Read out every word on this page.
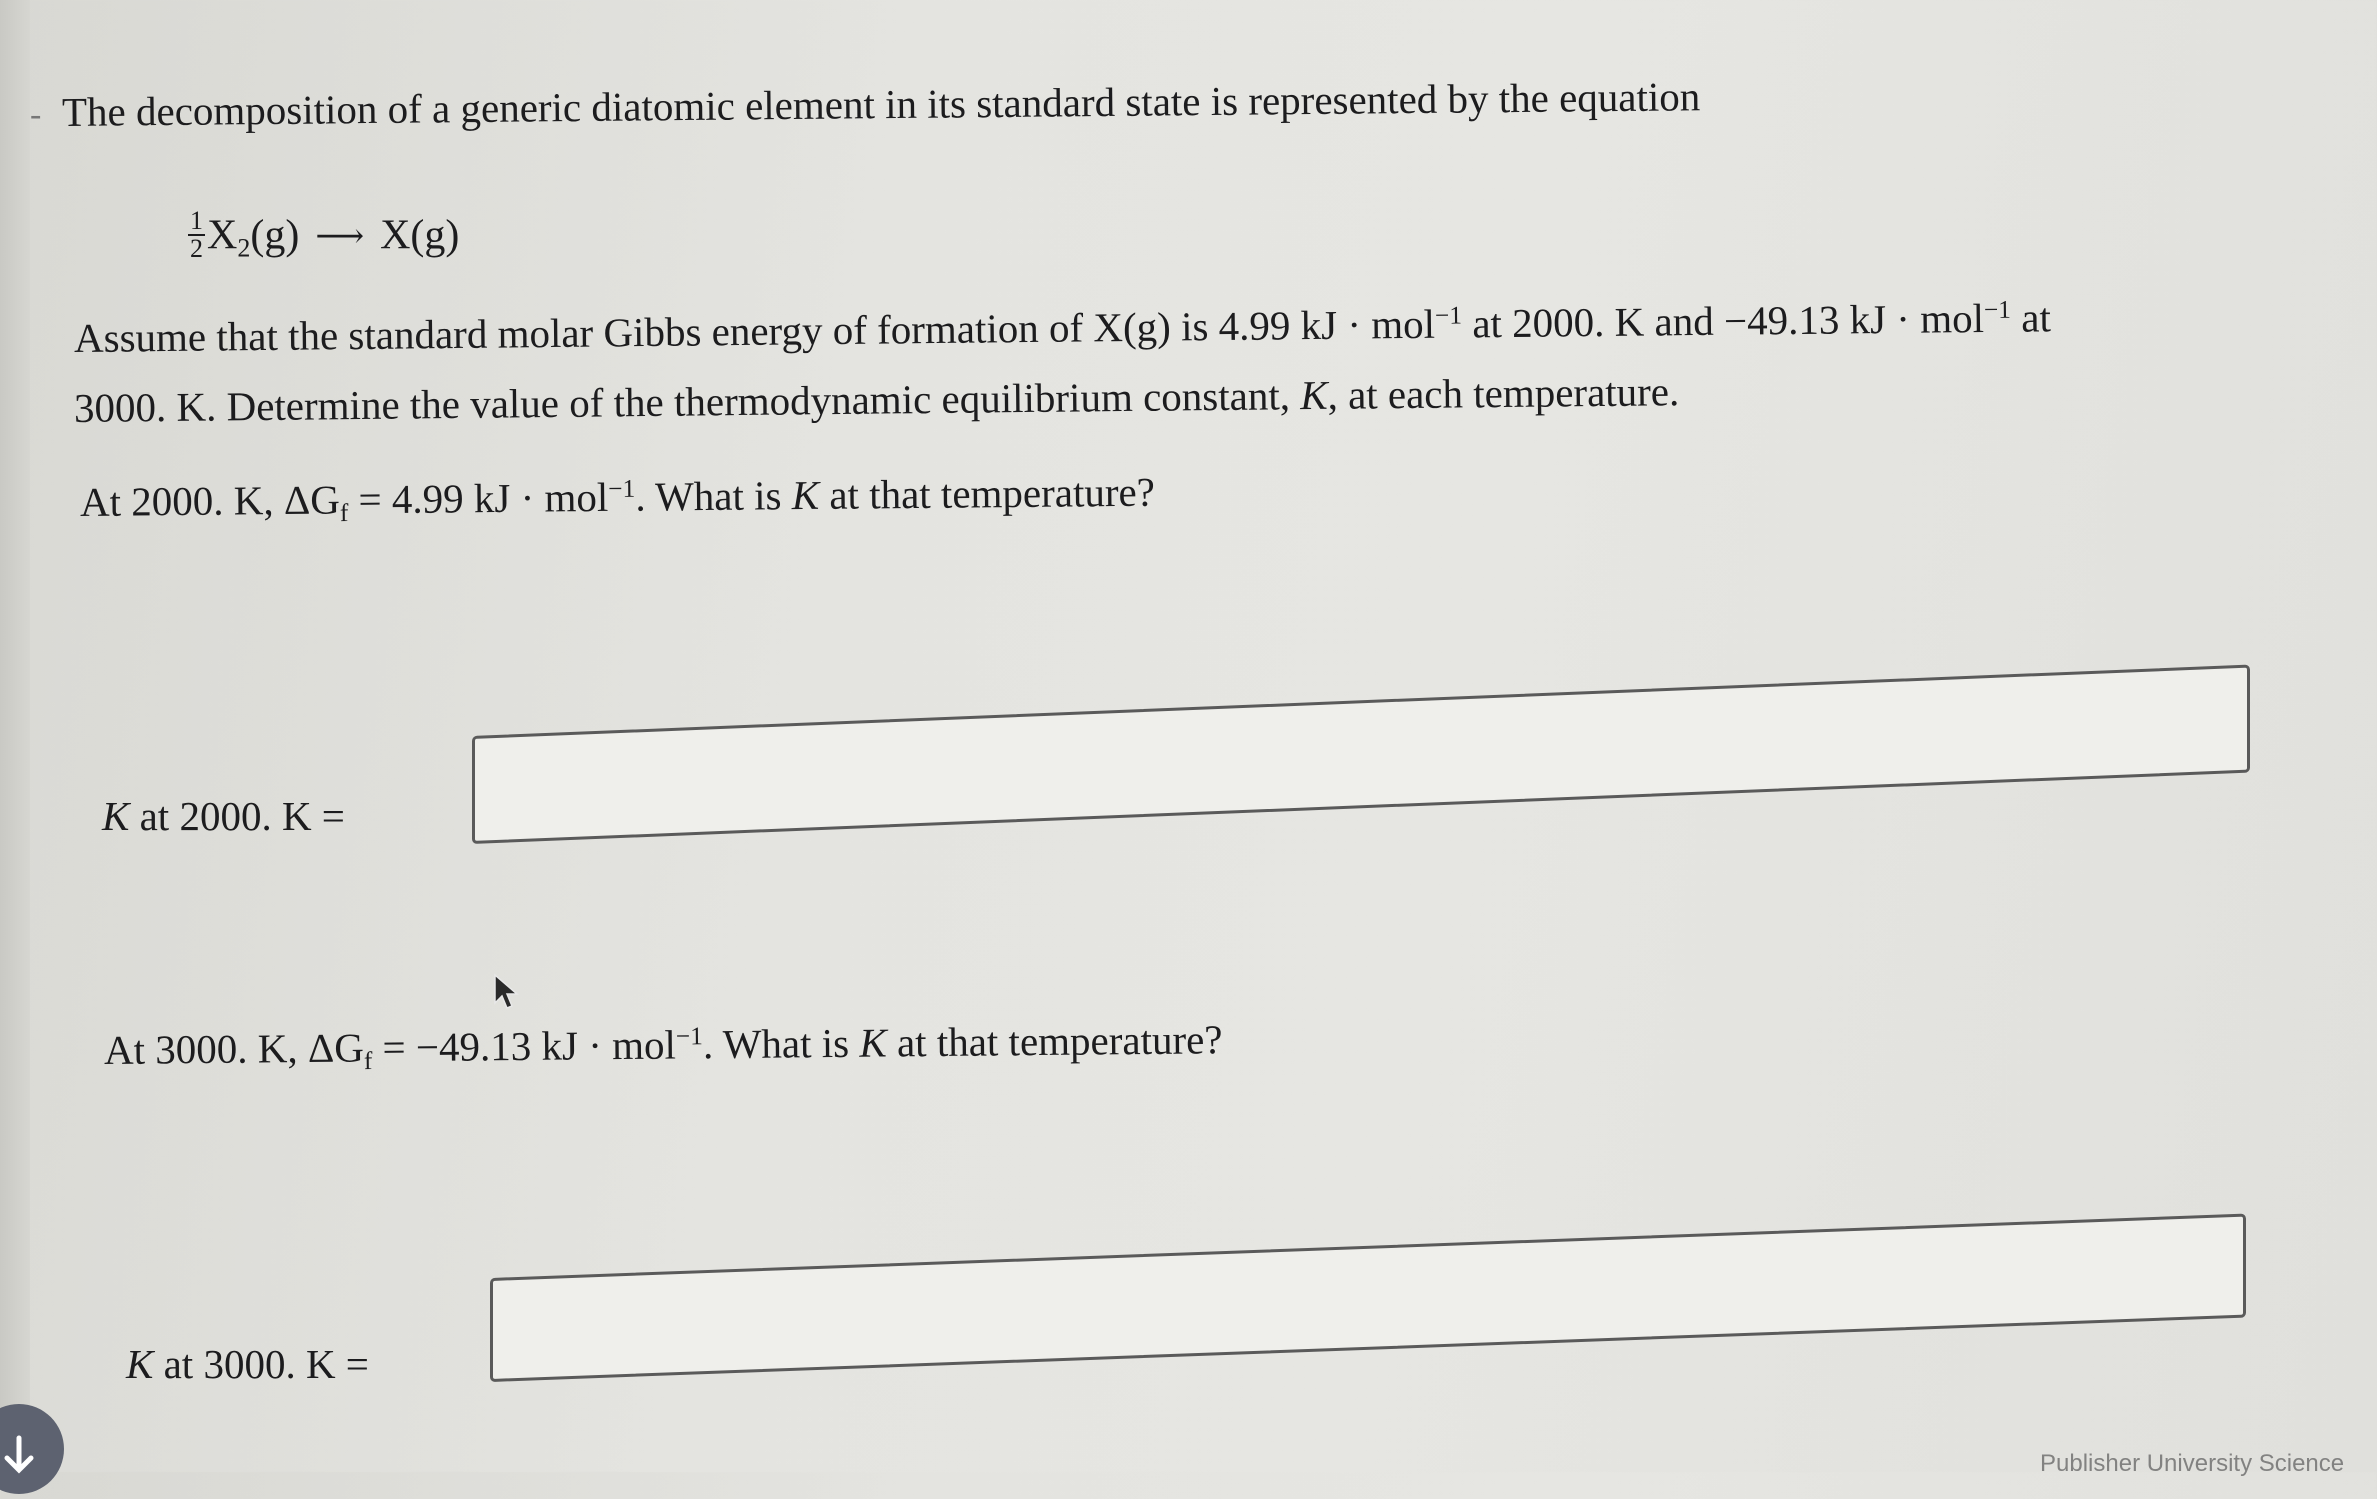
- The decomposition of a generic diatomic element in its standard state is represented by the equation
$\frac{1}{2} X_2(g)$ ⟶ X(g)
Assume that the standard molar Gibbs energy of formation of X(g) is 4.99 kJ · mol$^{-1}$ at 2000. K and −49.13 kJ · mol$^{-1}$ at
3000. K. Determine the value of the thermodynamic equilibrium constant, K, at each temperature.
At 2000. K, $\Delta G_f = 4.99$ kJ · mol$^{-1}$. What is K at that temperature?
K at 2000. K =
At 3000. K, $\Delta G_f = -49.13$ kJ · mol$^{-1}$. What is K at that temperature?
K at 3000. K =
Publisher University Science
